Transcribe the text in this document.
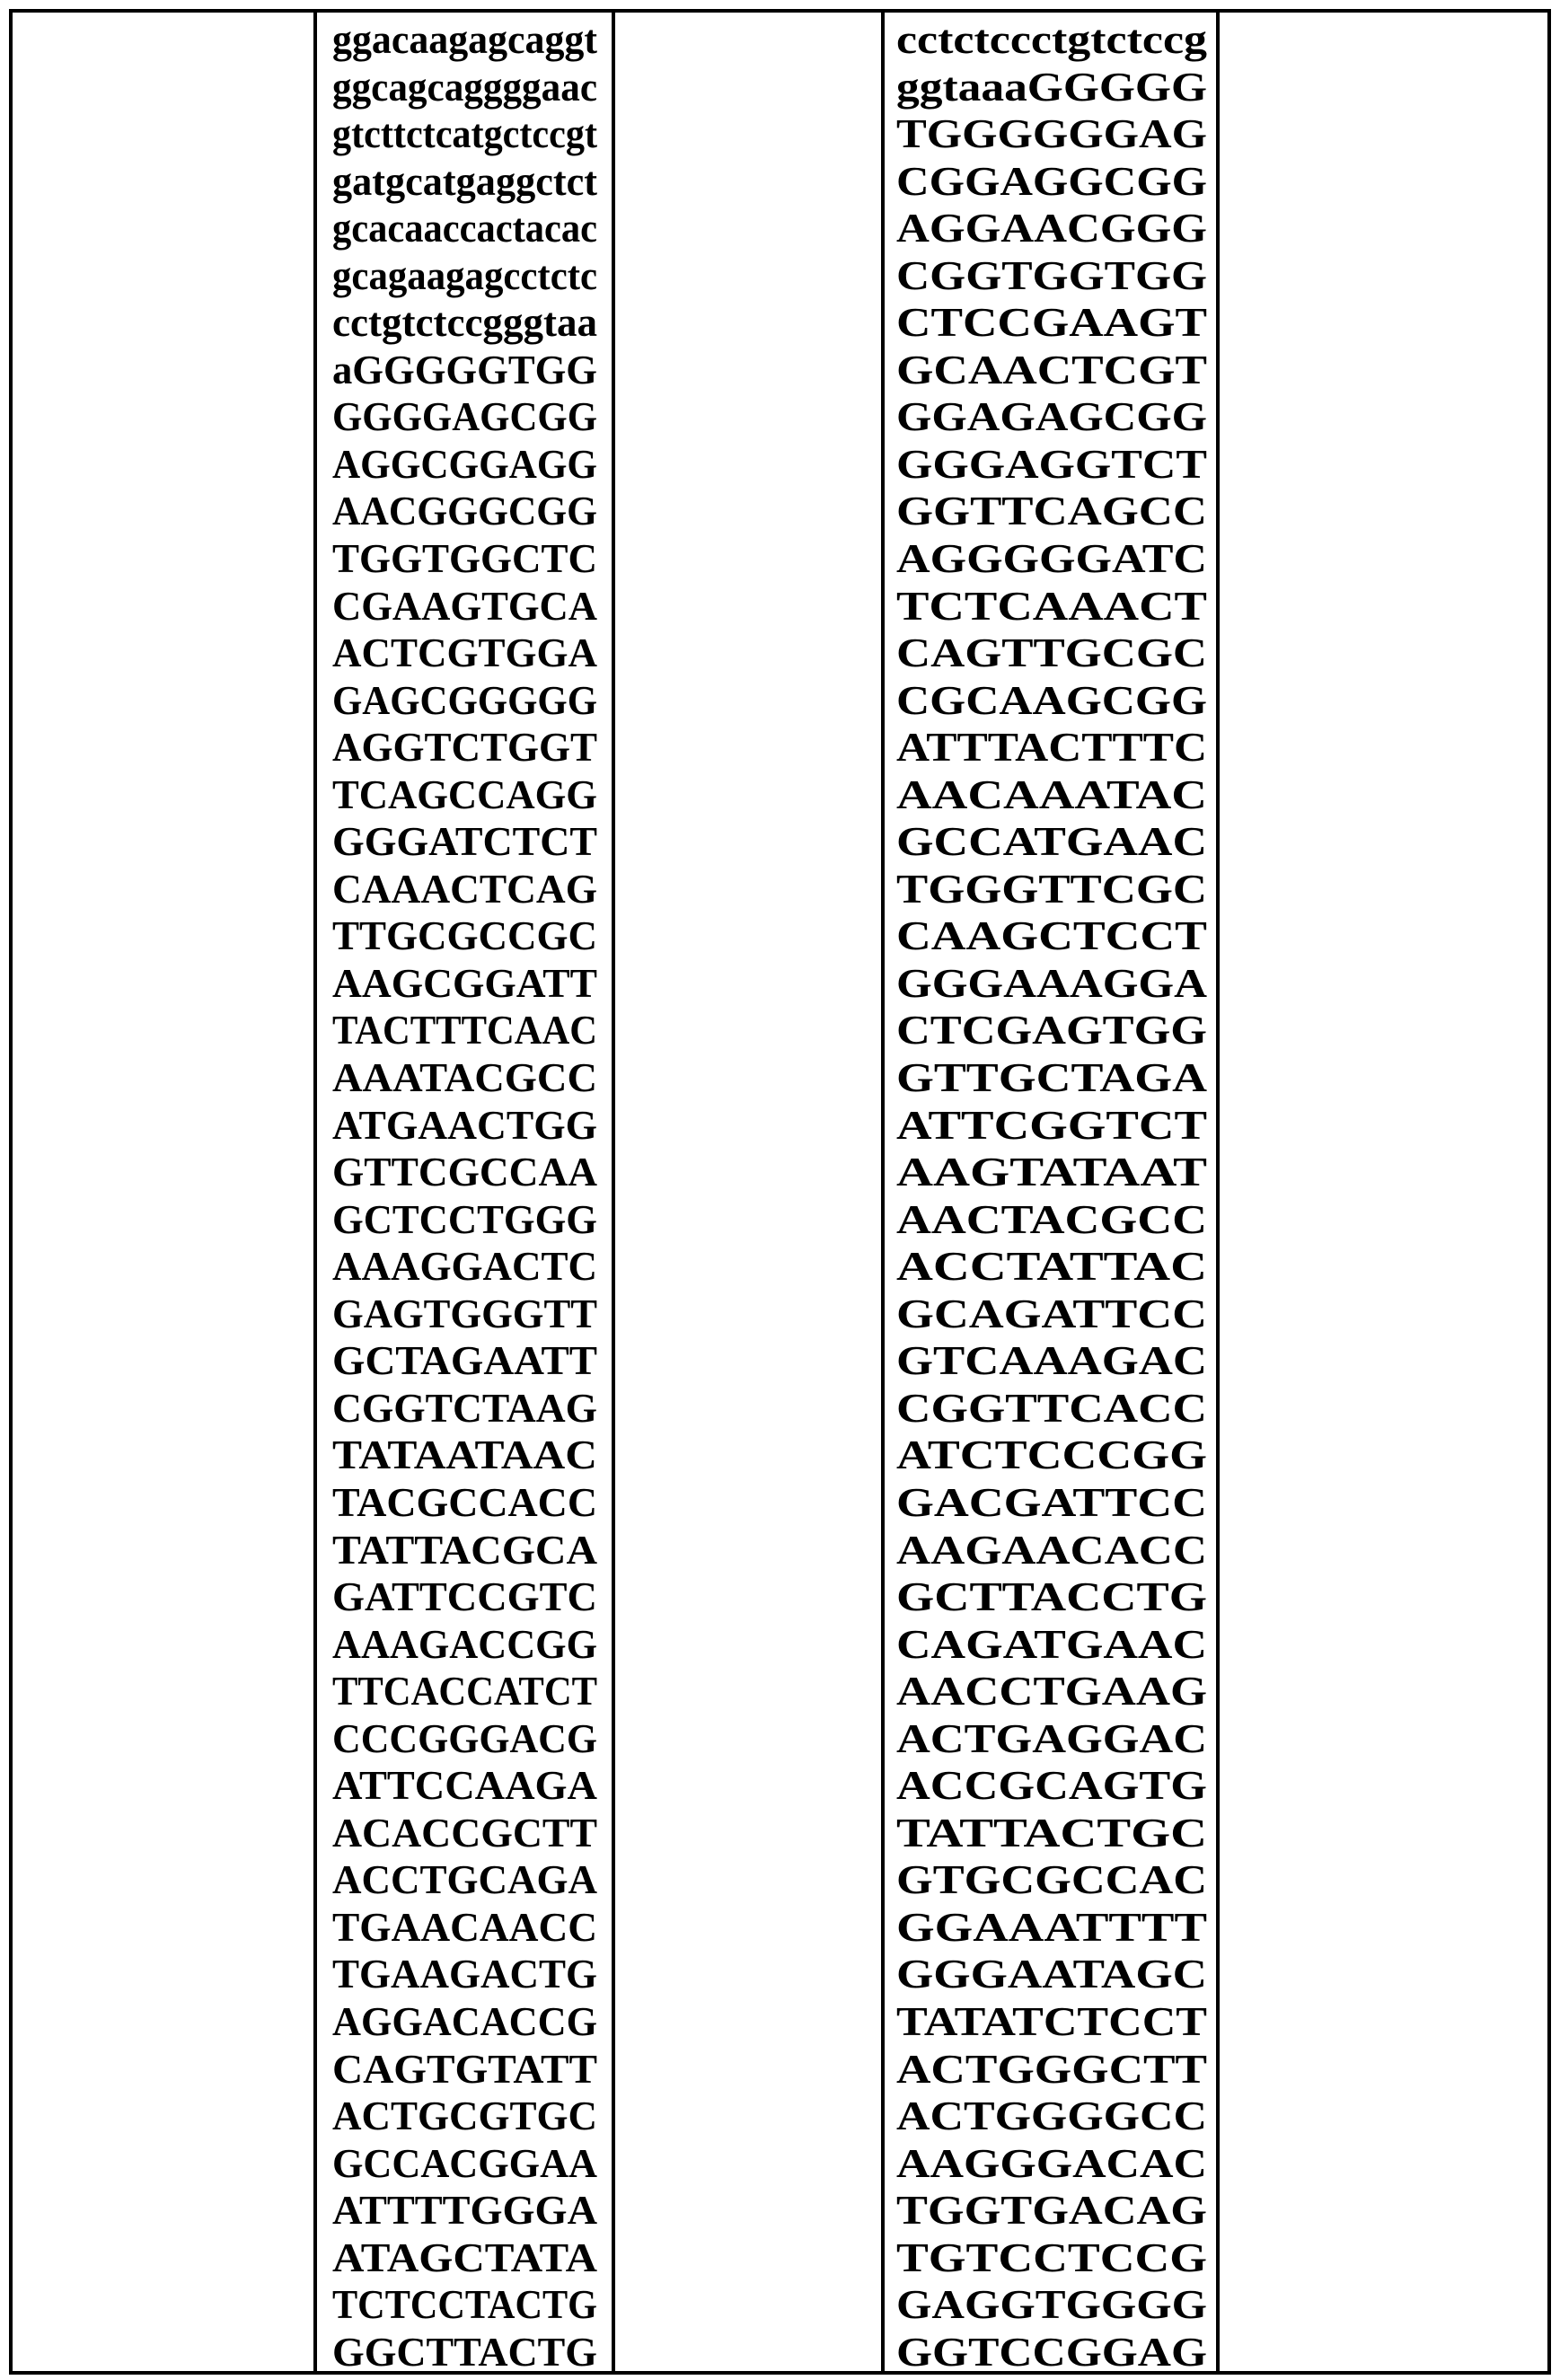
ggacaagagcaggt
ggcagcaggggaac
gtcttctcatgctccgt
gatgcatgaggctct
gcacaaccactacac
gcagaagagcctctc
cctgtctccgggtaa
aGGGGGTGG
GGGGAGCGG
AGGCGGAGG
AACGGGCGG
TGGTGGCTC
CGAAGTGCA
ACTCGTGGA
GAGCGGGGG
AGGTCTGGT
TCAGCCAGG
GGGATCTCT
CAAACTCAG
TTGCGCCGC
AAGCGGATT
TACTTTCAAC
AAATACGCC
ATGAACTGG
GTTCGCCAA
GCTCCTGGG
AAAGGACTC
GAGTGGGTT
GCTAGAATT
CGGTCTAAG
TATAATAAC
TACGCCACC
TATTACGCA
GATTCCGTC
AAAGACCGG
TTCACCATCT
CCCGGGACG
ATTCCAAGA
ACACCGCTT
ACCTGCAGA
TGAACAACC
TGAAGACTG
AGGACACCG
CAGTGTATT
ACTGCGTGC
GCCACGGAA
ATTTTGGGA
ATAGCTATA
TCTCCTACTG
GGCTTACTG
cctctccctgtctccg
ggtaaaGGGGG
TGGGGGGAG
CGGAGGCGG
AGGAACGGG
CGGTGGTGG
CTCCGAAGT
GCAACTCGT
GGAGAGCGG
GGGAGGTCT
GGTTCAGCC
AGGGGGATC
TCTCAAACT
CAGTTGCGC
CGCAAGCGG
ATTTACTTTC
AACAAATAC
GCCATGAAC
TGGGTTCGC
CAAGCTCCT
GGGAAAGGA
CTCGAGTGG
GTTGCTAGA
ATTCGGTCT
AAGTATAAT
AACTACGCC
ACCTATTAC
GCAGATTCC
GTCAAAGAC
CGGTTCACC
ATCTCCCGG
GACGATTCC
AAGAACACC
GCTTACCTG
CAGATGAAC
AACCTGAAG
ACTGAGGAC
ACCGCAGTG
TATTACTGC
GTGCGCCAC
GGAAATTTT
GGGAATAGC
TATATCTCCT
ACTGGGCTT
ACTGGGGCC
AAGGGACAC
TGGTGACAG
TGTCCTCCG
GAGGTGGGG
GGTCCGGAG
